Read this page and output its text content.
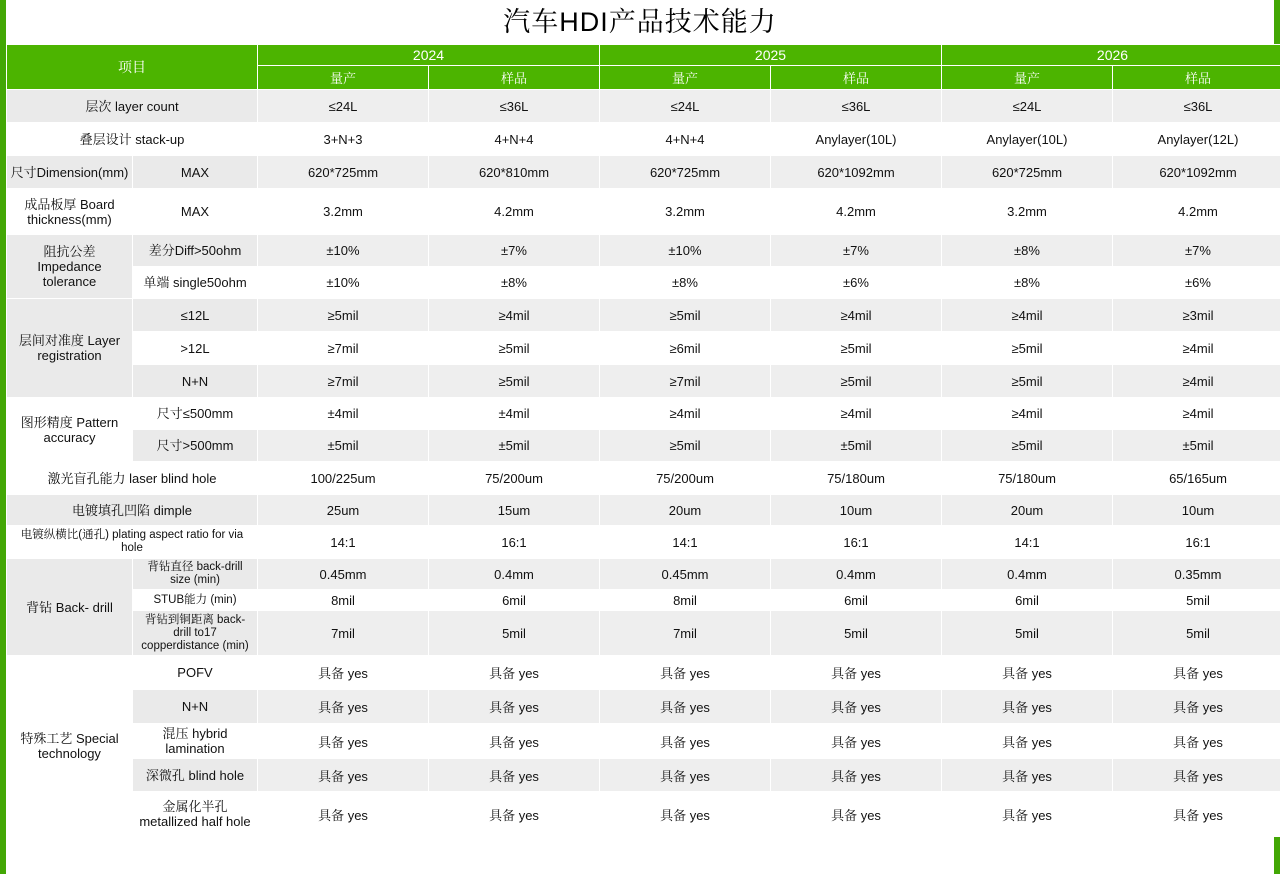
汽车HDI产品技术能力
项目		2024		2025		2026	
		量产	样品	量产	样品	量产	样品
层次 layer count		≤24L	≤36L	≤24L	≤36L	≤24L	≤36L
叠层设计 stack-up		3+N+3	4+N+4	4+N+4	Anylayer(10L)	Anylayer(10L)	Anylayer(12L)
尺寸Dimension(mm)	MAX	620*725mm	620*810mm	620*725mm	620*1092mm	620*725mm	620*1092mm
成品板厚 Board thickness(mm)	MAX	3.2mm	4.2mm	3.2mm	4.2mm	3.2mm	4.2mm
阻抗公差 Impedance tolerance	差分Diff>50ohm	±10%	±7%	±10%	±7%	±8%	±7%
	单端 single50ohm	±10%	±8%	±8%	±6%	±8%	±6%
层间对准度 Layer registration	≤12L	≥5mil	≥4mil	≥5mil	≥4mil	≥4mil	≥3mil
	>12L	≥7mil	≥5mil	≥6mil	≥5mil	≥5mil	≥4mil
	N+N	≥7mil	≥5mil	≥7mil	≥5mil	≥5mil	≥4mil
图形精度 Pattern accuracy	尺寸≤500mm	±4mil	±4mil	≥4mil	≥4mil	≥4mil	≥4mil
	尺寸>500mm	±5mil	±5mil	≥5mil	±5mil	≥5mil	±5mil
激光盲孔能力 laser blind hole		100/225um	75/200um	75/200um	75/180um	75/180um	65/165um
电镀填孔凹陷 dimple		25um	15um	20um	10um	20um	10um
电镀纵横比(通孔) plating aspect ratio for via hole		14:1	16:1	14:1	16:1	14:1	16:1
背钻 Back- drill	背钻直径 back-drill size (min)	0.45mm	0.4mm	0.45mm	0.4mm	0.4mm	0.35mm
	STUB能力 (min)	8mil	6mil	8mil	6mil	6mil	5mil
	背钻到铜距离 back-drill to17 copperdistance (min)	7mil	5mil	7mil	5mil	5mil	5mil
特殊工艺 Special technology	POFV	具备 yes	具备 yes	具备 yes	具备 yes	具备 yes	具备 yes
	N+N	具备 yes	具备 yes	具备 yes	具备 yes	具备 yes	具备 yes
	混压 hybrid lamination	具备 yes	具备 yes	具备 yes	具备 yes	具备 yes	具备 yes
	深微孔 blind hole	具备 yes	具备 yes	具备 yes	具备 yes	具备 yes	具备 yes
	金属化半孔 metallized half hole	具备 yes	具备 yes	具备 yes	具备 yes	具备 yes	具备 yes
